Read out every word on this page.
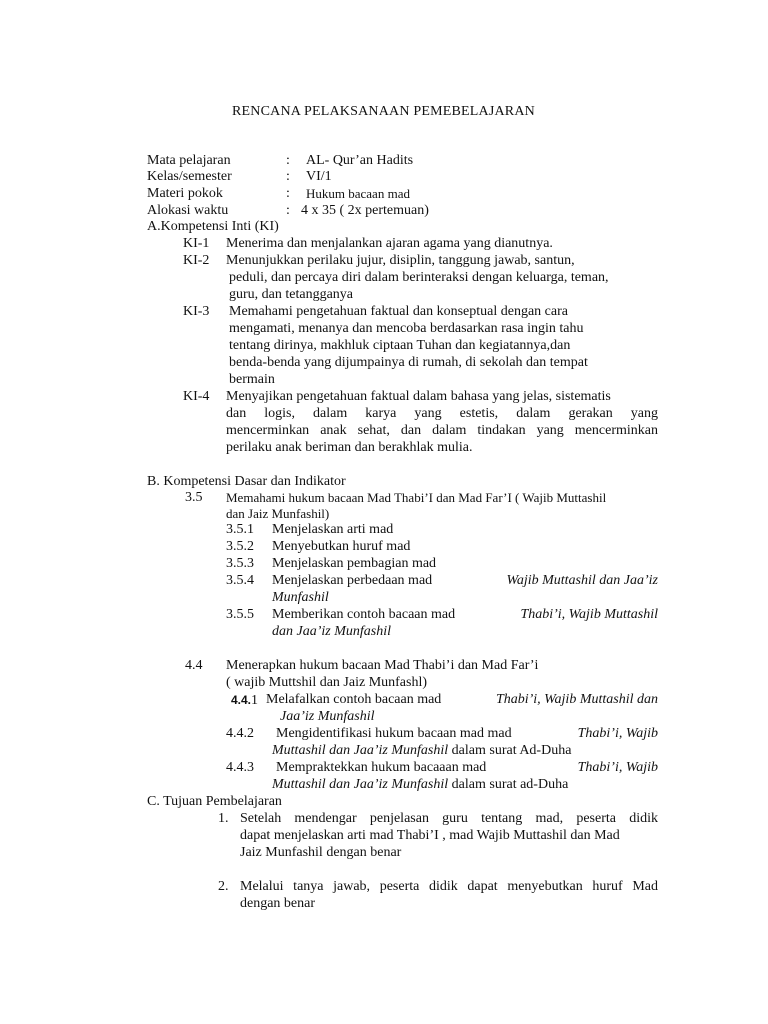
RENCANA PELAKSANAAN PEMEBELAJARAN
Mata pelajaran	: AL- Qur’an Hadits
Kelas/semester	: VI/1
Materi pokok	: Hukum bacaan mad
Alokasi waktu	: 4 x 35 ( 2x pertemuan)
A.Kompetensi Inti (KI)
KI-1 Menerima dan menjalankan ajaran agama yang dianutnya.
KI-2 Menunjukkan perilaku jujur, disiplin, tanggung jawab, santun,
peduli, dan percaya diri dalam berinteraksi dengan keluarga, teman,
guru, dan tetangganya
KI-3 Memahami pengetahuan faktual dan konseptual dengan cara
mengamati, menanya dan mencoba berdasarkan rasa ingin tahu
tentang dirinya, makhluk ciptaan Tuhan dan kegiatannya,dan
benda-benda yang dijumpainya di rumah, di sekolah dan tempat
bermain
KI-4 Menyajikan pengetahuan faktual dalam bahasa yang jelas, sistematis
dan logis, dalam karya yang estetis, dalam gerakan yang
mencerminkan anak sehat, dan dalam tindakan yang mencerminkan
perilaku anak beriman dan berakhlak mulia.
B. Kompetensi Dasar dan Indikator
3.5 Memahami hukum bacaan Mad Thabi’I dan Mad Far’I ( Wajib Muttashil
dan Jaiz Munfashil)
3.5.1 Menjelaskan arti mad
3.5.2 Menyebutkan huruf mad
3.5.3 Menjelaskan pembagian mad
3.5.4 Menjelaskan perbedaan mad	Wajib Muttashil dan Jaa’iz
Munfashil
3.5.5 Memberikan contoh bacaan mad	Thabi’i, Wajib Muttashil
dan Jaa’iz Munfashil
4.4 Menerapkan hukum bacaan Mad Thabi’i dan Mad Far’i
( wajib Muttshil dan Jaiz Munfashl)
4.4.1 Melafalkan contoh bacaan mad	Thabi’i, Wajib Muttashil dan
Jaa’iz Munfashil
4.4.2 Mengidentifikasi hukum bacaan mad mad	Thabi’i, Wajib
Muttashil dan Jaa’iz Munfashil dalam surat Ad-Duha
4.4.3 Mempraktekkan hukum bacaaan mad	Thabi’i, Wajib
Muttashil dan Jaa’iz Munfashil dalam surat ad-Duha
C. Tujuan Pembelajaran
1. Setelah mendengar penjelasan guru tentang mad, peserta didik
dapat menjelaskan arti mad Thabi’I , mad Wajib Muttashil dan Mad
Jaiz Munfashil dengan benar
2. Melalui tanya jawab, peserta didik dapat menyebutkan huruf Mad
dengan benar
